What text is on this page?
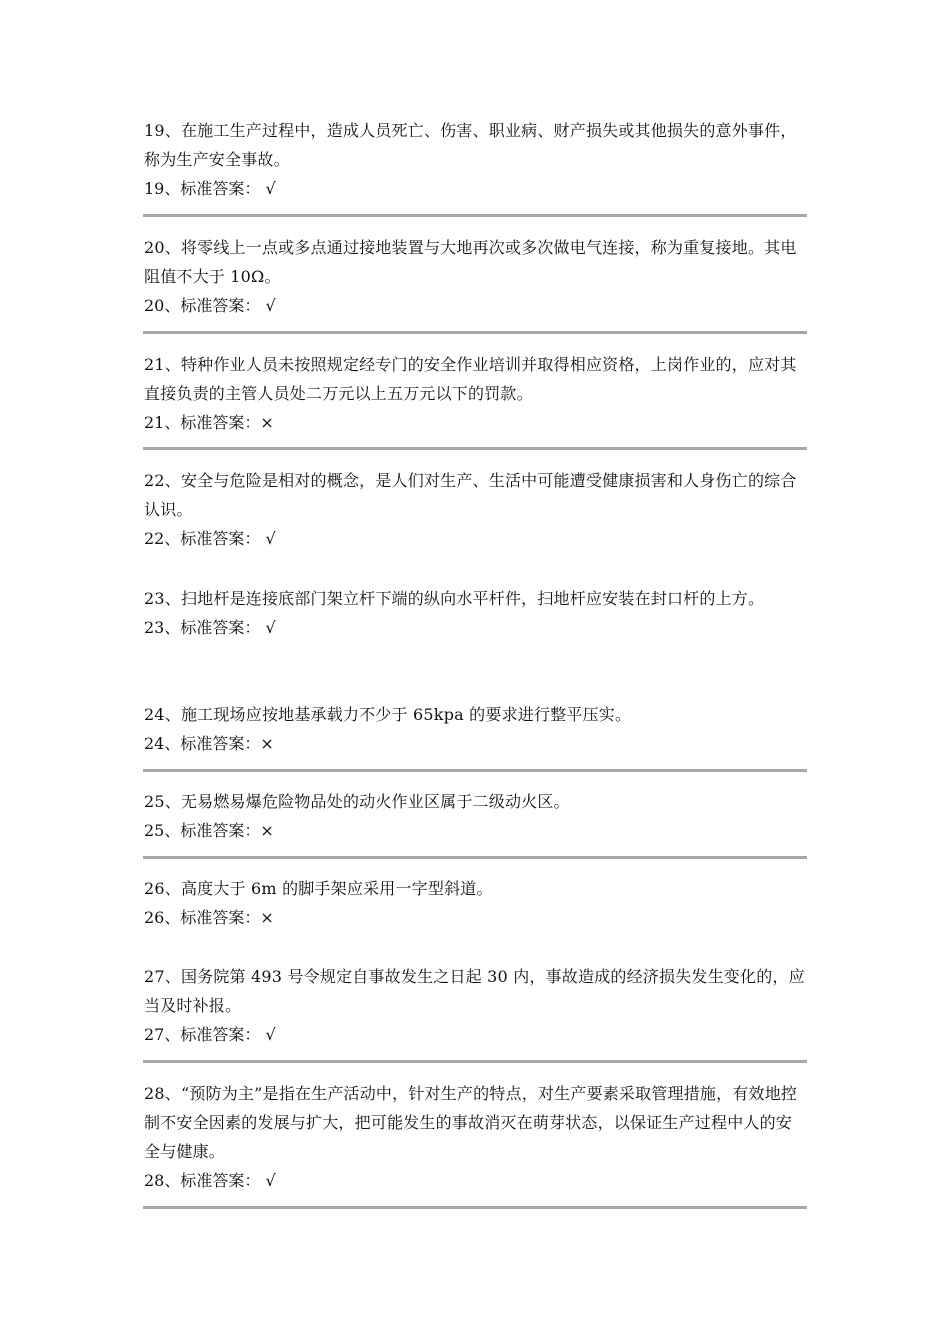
19、在施工生产过程中，造成人员死亡、伤害、职业病、财产损失或其他损失的意外事件，称为生产安全事故。

19、标准答案： √

20、将零线上一点或多点通过接地装置与大地再次或多次做电气连接，称为重复接地。其电阻值不大于 10Ω。

20、标准答案： √

21、特种作业人员未按照规定经专门的安全作业培训并取得相应资格，上岗作业的，应对其直接负责的主管人员处二万元以上五万元以下的罚款。

21、标准答案：×

22、安全与危险是相对的概念，是人们对生产、生活中可能遭受健康损害和人身伤亡的综合认识。

22、标准答案： √

23、扫地杆是连接底部门架立杆下端的纵向水平杆件，扫地杆应安装在封口杆的上方。

23、标准答案： √

24、施工现场应按地基承载力不少于 65kpa 的要求进行整平压实。

24、标准答案：×

25、无易燃易爆危险物品处的动火作业区属于二级动火区。

25、标准答案：×

26、高度大于 6m 的脚手架应采用一字型斜道。

26、标准答案：×

27、国务院第 493 号令规定自事故发生之日起 30 内，事故造成的经济损失发生变化的，应当及时补报。

27、标准答案： √

28、“预防为主”是指在生产活动中，针对生产的特点，对生产要素采取管理措施，有效地控制不安全因素的发展与扩大，把可能发生的事故消灭在萌芽状态，以保证生产过程中人的安全与健康。

28、标准答案： √
